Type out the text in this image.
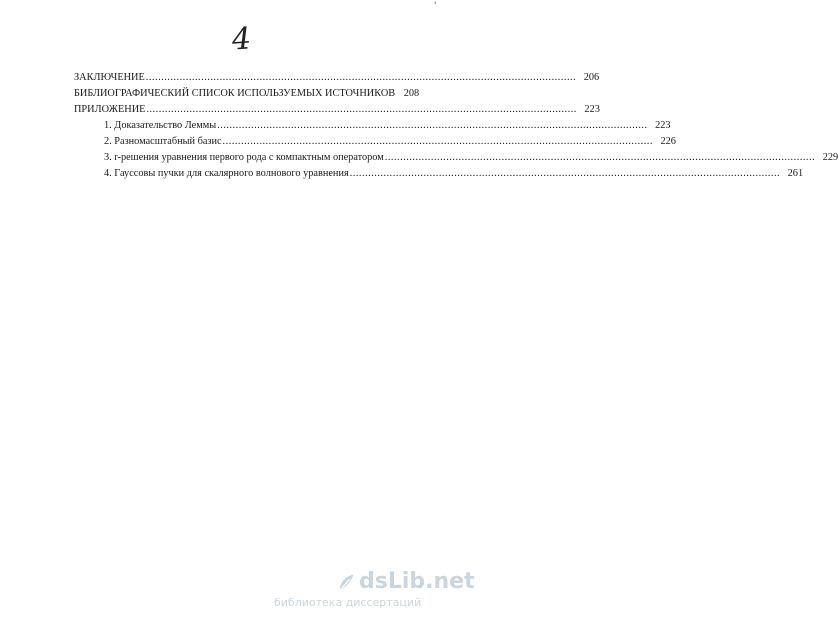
'
4
ЗАКЛЮЧЕНИЕ .....	206
БИБЛИОГРАФИЧЕСКИЙ СПИСОК ИСПОЛЬЗУЕМЫХ ИСТОЧНИКОВ 208
ПРИЛОЖЕНИЕ .....	223
1. Доказательство Леммы .....	223
2. Разномасштабный базис .....	226
3. r-решения уравнения первого рода с компактным оператором .....	229
4. Гауссовы пучки для скалярного волнового уравнения .....	261
dsLib.net
библиотека диссертаций
